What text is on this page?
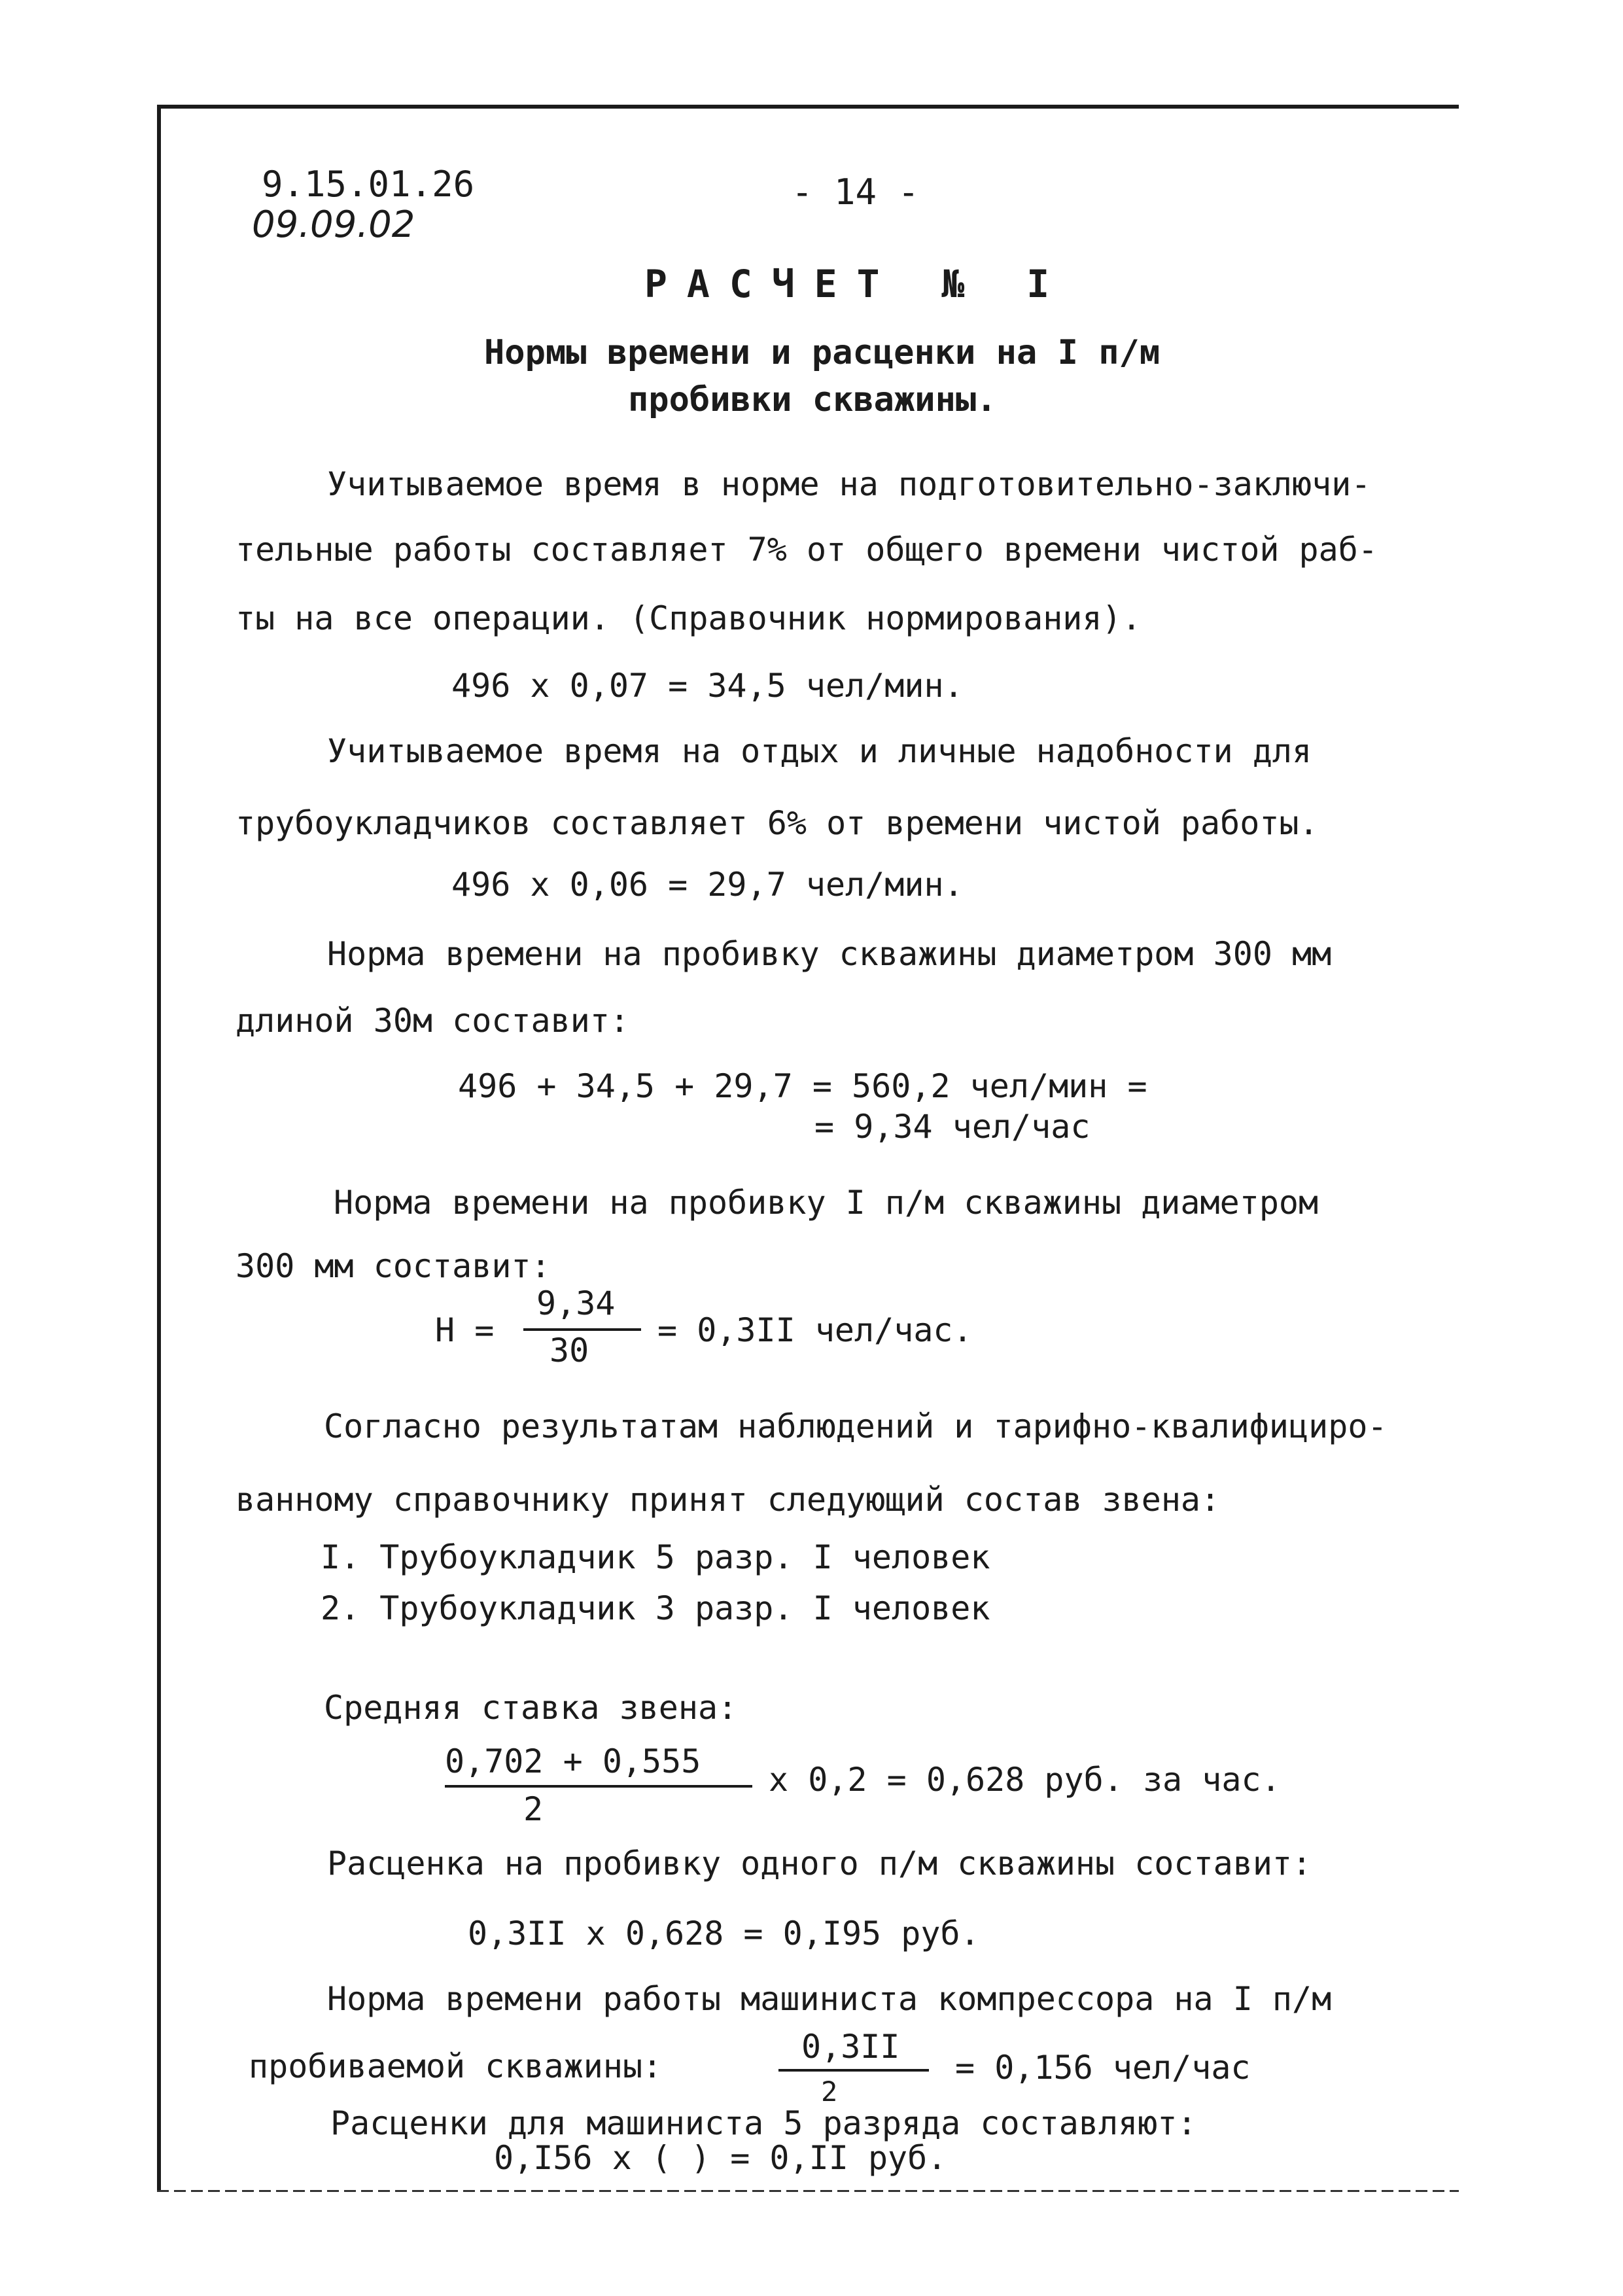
9.15.01.26
09.09.02
- 14 -
РАСЧЕТ № I
Нормы времени и расценки на I п/м
пробивки скважины.
Учитываемое время в норме на подготовительно-заключи-
тельные работы составляет 7% от общего времени чистой раб-
ты на все операции. (Справочник нормирования).
496 x 0,07 = 34,5 чел/мин.
Учитываемое время на отдых и личные надобности для
трубоукладчиков составляет 6% от времени чистой работы.
496 x 0,06 = 29,7 чел/мин.
Норма времени на пробивку скважины диаметром 300 мм
длиной 30м составит:
496 + 34,5 + 29,7 = 560,2 чел/мин =
= 9,34 чел/час
Норма времени на пробивку I п/м скважины диаметром
300 мм составит:
Н =
9,34
30
= 0,3II чел/час.
Согласно результатам наблюдений и тарифно-квалифициро-
ванному справочнику принят следующий состав звена:
I. Трубоукладчик 5 разр. I человек
2. Трубоукладчик 3 разр. I человек
Средняя ставка звена:
0,702 + 0,555
2
x 0,2 = 0,628 руб. за час.
Расценка на пробивку одного п/м скважины составит:
0,3II x 0,628 = 0,I95 руб.
Норма времени работы машиниста компрессора на I п/м
пробиваемой скважины:
0,3II
2
= 0,156 чел/час
Расценки для машиниста 5 разряда составляют:
0,I56 x ( ) = 0,II руб.
